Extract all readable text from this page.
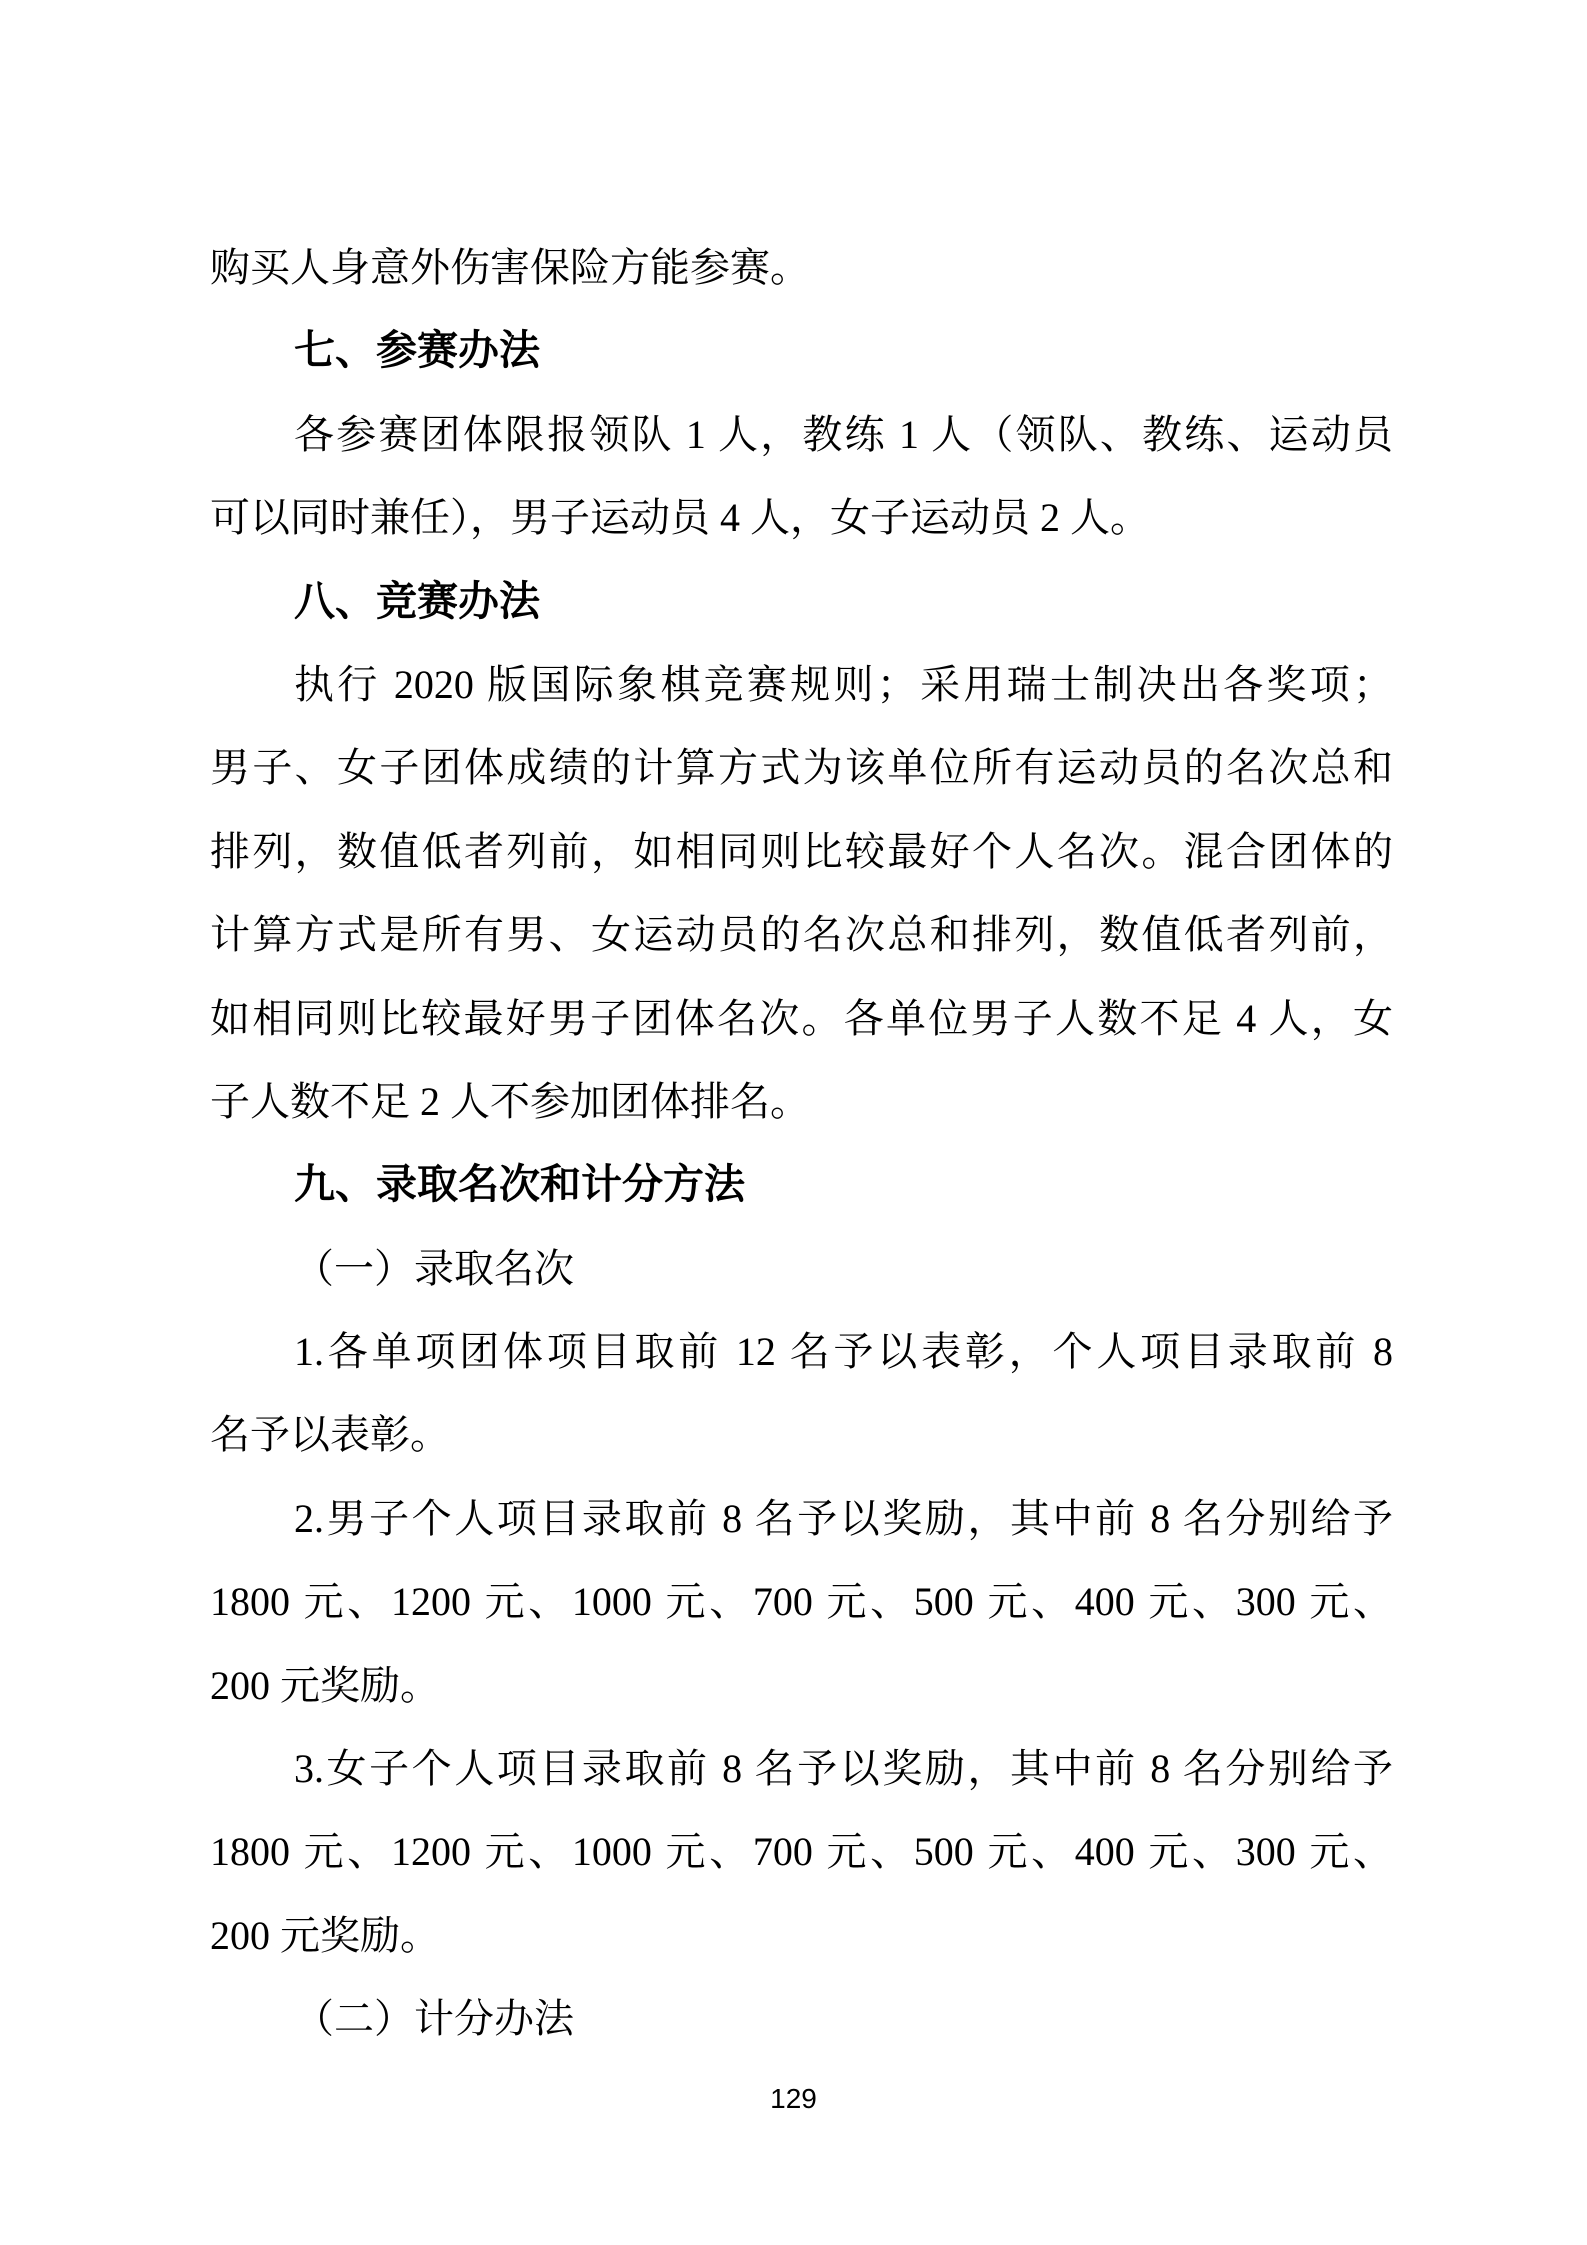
购买人身意外伤害保险方能参赛。
七、参赛办法
各参赛团体限报领队 1 人，教练 1 人（领队、教练、运动员
可以同时兼任），男子运动员 4 人，女子运动员 2 人。
八、竞赛办法
执行 2020 版国际象棋竞赛规则；采用瑞士制决出各奖项；
男子、女子团体成绩的计算方式为该单位所有运动员的名次总和
排列，数值低者列前，如相同则比较最好个人名次。混合团体的
计算方式是所有男、女运动员的名次总和排列，数值低者列前，
如相同则比较最好男子团体名次。各单位男子人数不足 4 人，女
子人数不足 2 人不参加团体排名。
九、录取名次和计分方法
（一）录取名次
1.各单项团体项目取前 12 名予以表彰，个人项目录取前 8
名予以表彰。
2.男子个人项目录取前 8 名予以奖励，其中前 8 名分别给予
1800 元、1200 元、1000 元、700 元、500 元、400 元、300 元、
200 元奖励。
3.女子个人项目录取前 8 名予以奖励，其中前 8 名分别给予
1800 元、1200 元、1000 元、700 元、500 元、400 元、300 元、
200 元奖励。
（二）计分办法
129
